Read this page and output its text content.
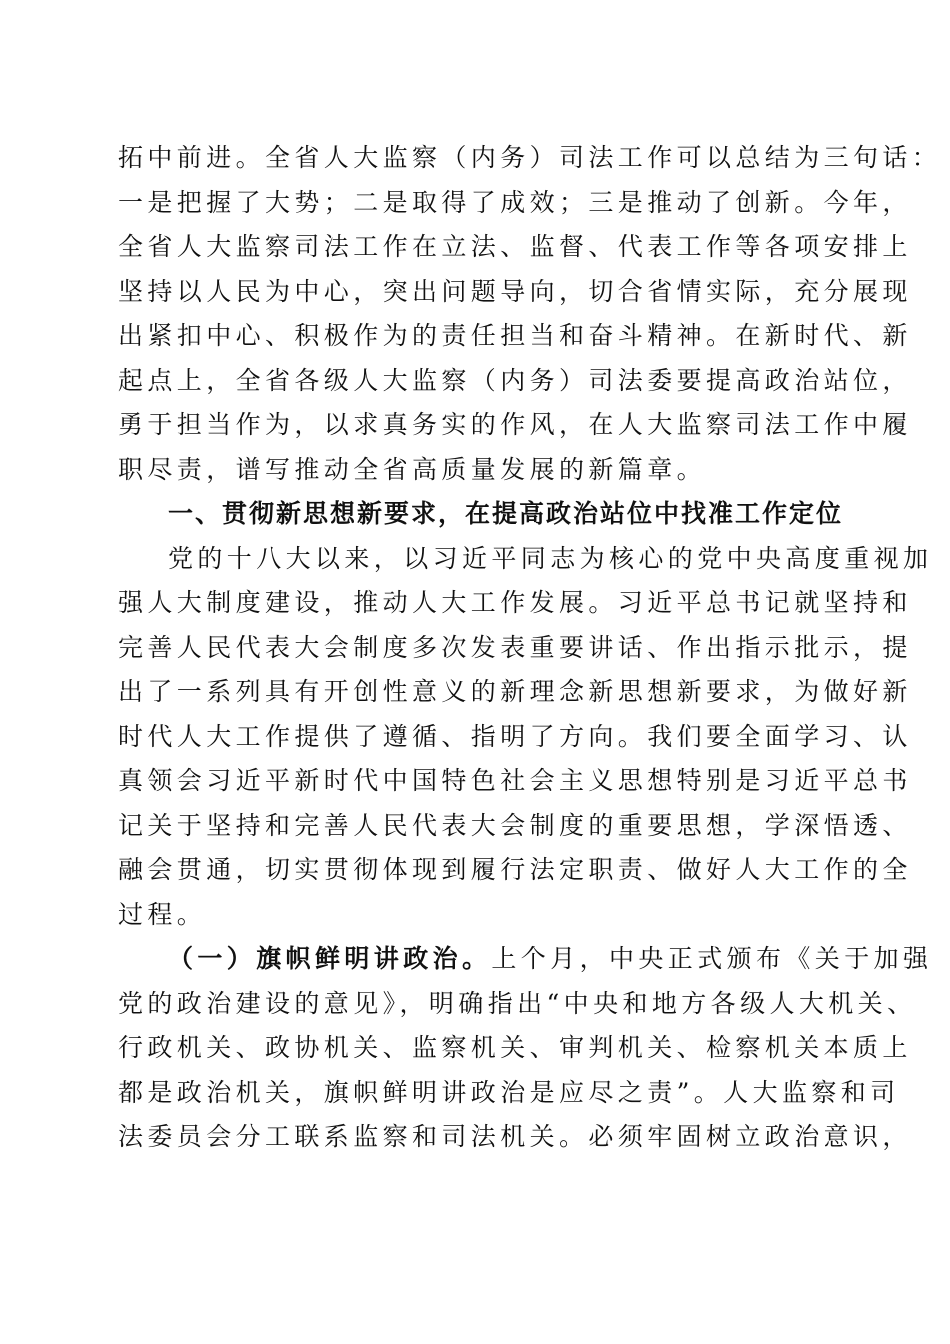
拓中前进。全省人大监察（内务）司法工作可以总结为三句话：
一是把握了大势；二是取得了成效；三是推动了创新。今年，
全省人大监察司法工作在立法、监督、代表工作等各项安排上
坚持以人民为中心，突出问题导向，切合省情实际，充分展现
出紧扣中心、积极作为的责任担当和奋斗精神。在新时代、新
起点上，全省各级人大监察（内务）司法委要提高政治站位，
勇于担当作为，以求真务实的作风，在人大监察司法工作中履
职尽责，谱写推动全省高质量发展的新篇章。
一、贯彻新思想新要求，在提高政治站位中找准工作定位
党的十八大以来，以习近平同志为核心的党中央高度重视加
强人大制度建设，推动人大工作发展。习近平总书记就坚持和
完善人民代表大会制度多次发表重要讲话、作出指示批示，提
出了一系列具有开创性意义的新理念新思想新要求，为做好新
时代人大工作提供了遵循、指明了方向。我们要全面学习、认
真领会习近平新时代中国特色社会主义思想特别是习近平总书
记关于坚持和完善人民代表大会制度的重要思想，学深悟透、
融会贯通，切实贯彻体现到履行法定职责、做好人大工作的全
过程。
（一）旗帜鲜明讲政治。上个月，中央正式颁布《关于加强
党的政治建设的意见》，明确指出“中央和地方各级人大机关、
行政机关、政协机关、监察机关、审判机关、检察机关本质上
都是政治机关，旗帜鲜明讲政治是应尽之责”。人大监察和司
法委员会分工联系监察和司法机关。必须牢固树立政治意识，
